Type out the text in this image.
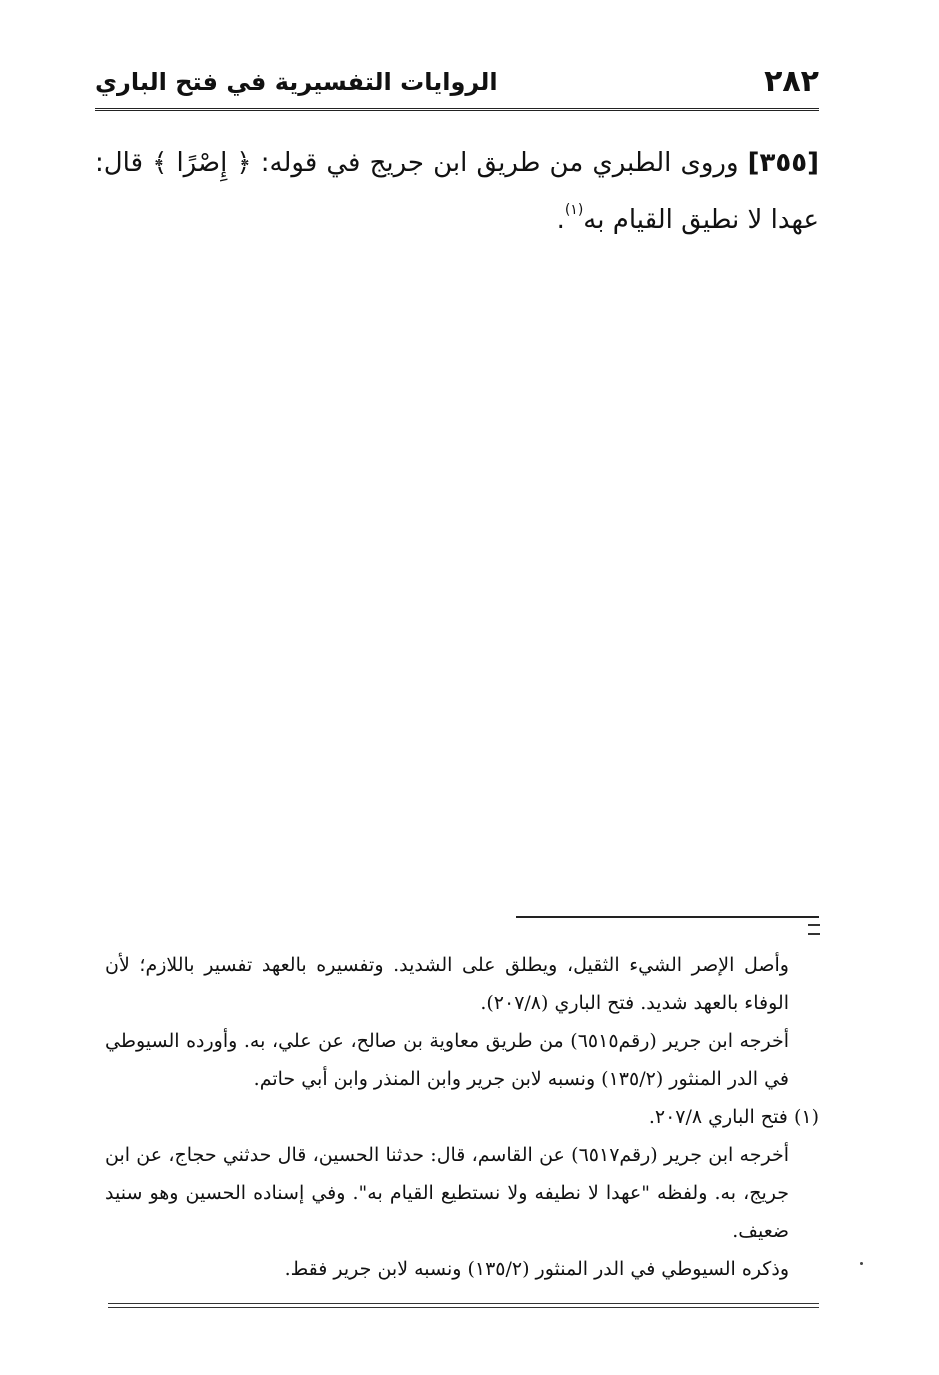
٢٨٢
الروايات التفسيرية في فتح الباري
[٣٥٥] وروى الطبري من طريق ابن جريج في قوله: ﴿ إِصْرًا ﴾ قال: عهدا لا نطيق القيام به$^{(١)}$.

وأصل الإصر الشيء الثقيل، ويطلق على الشديد. وتفسيره بالعهد تفسير باللازم؛ لأن الوفاء بالعهد شديد. فتح الباري (٢٠٧/٨).

أخرجه ابن جرير (رقم٦٥١٥) من طريق معاوية بن صالح، عن علي، به. وأورده السيوطي في الدر المنثور (١٣٥/٢) ونسبه لابن جرير وابن المنذر وابن أبي حاتم.

(١) فتح الباري ٢٠٧/٨.

أخرجه ابن جرير (رقم٦٥١٧) عن القاسم، قال: حدثنا الحسين، قال حدثني حجاج، عن ابن جريج، به. ولفظه "عهدا لا نطيفه ولا نستطيع القيام به". وفي إسناده الحسين وهو سنيد ضعيف.

وذكره السيوطي في الدر المنثور (١٣٥/٢) ونسبه لابن جرير فقط.
